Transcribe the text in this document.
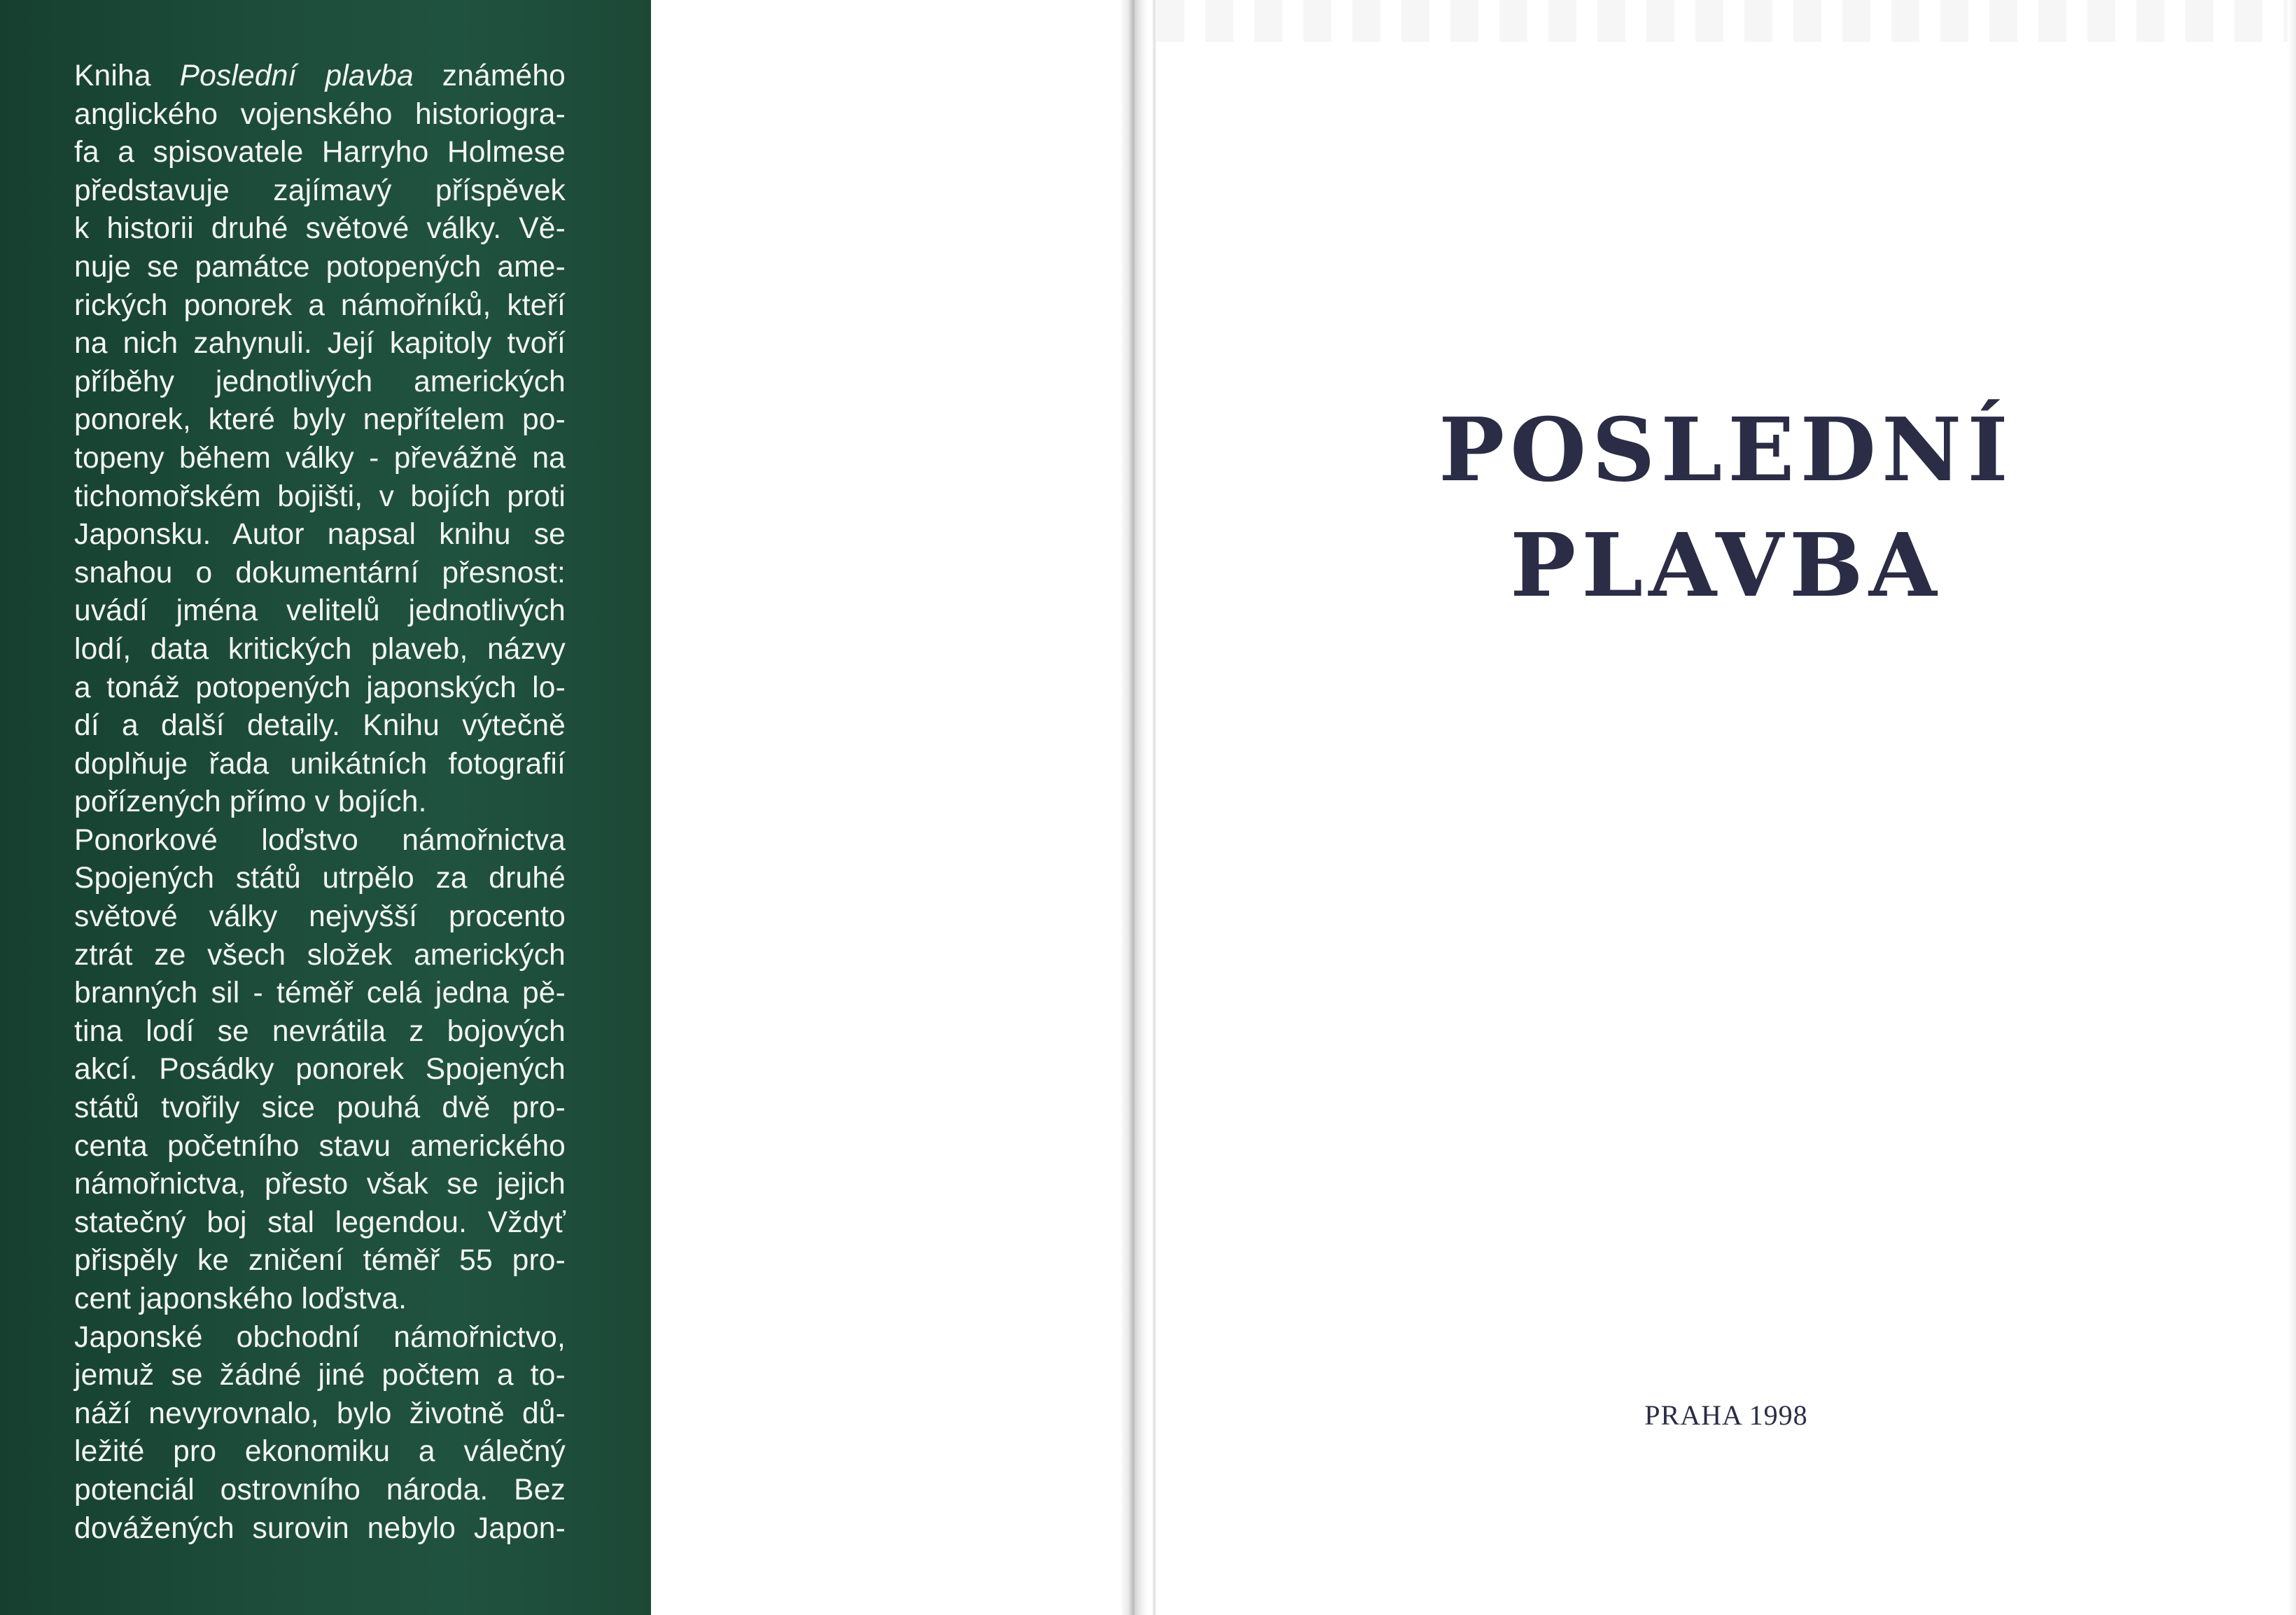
Kniha Poslední plavba známého
anglického vojenského historiogra-
fa a spisovatele Harryho Holmese
představuje zajímavý příspěvek
k historii druhé světové války. Vě-
nuje se památce potopených ame-
rických ponorek a námořníků, kteří
na nich zahynuli. Její kapitoly tvoří
příběhy jednotlivých amerických
ponorek, které byly nepřítelem po-
topeny během války - převážně na
tichomořském bojišti, v bojích proti
Japonsku. Autor napsal knihu se
snahou o dokumentární přesnost:
uvádí jména velitelů jednotlivých
lodí, data kritických plaveb, názvy
a tonáž potopených japonských lo-
dí a další detaily. Knihu výtečně
doplňuje řada unikátních fotografií
pořízených přímo v bojích.
Ponorkové loďstvo námořnictva
Spojených států utrpělo za druhé
světové války nejvyšší procento
ztrát ze všech složek amerických
branných sil - téměř celá jedna pě-
tina lodí se nevrátila z bojových
akcí. Posádky ponorek Spojených
států tvořily sice pouhá dvě pro-
centa početního stavu amerického
námořnictva, přesto však se jejich
statečný boj stal legendou. Vždyť
přispěly ke zničení téměř 55 pro-
cent japonského loďstva.
Japonské obchodní námořnictvo,
jemuž se žádné jiné počtem a to-
náží nevyrovnalo, bylo životně dů-
ležité pro ekonomiku a válečný
potenciál ostrovního národa. Bez
dovážených surovin nebylo Japon-
POSLEDNÍ
PLAVBA
PRAHA 1998
